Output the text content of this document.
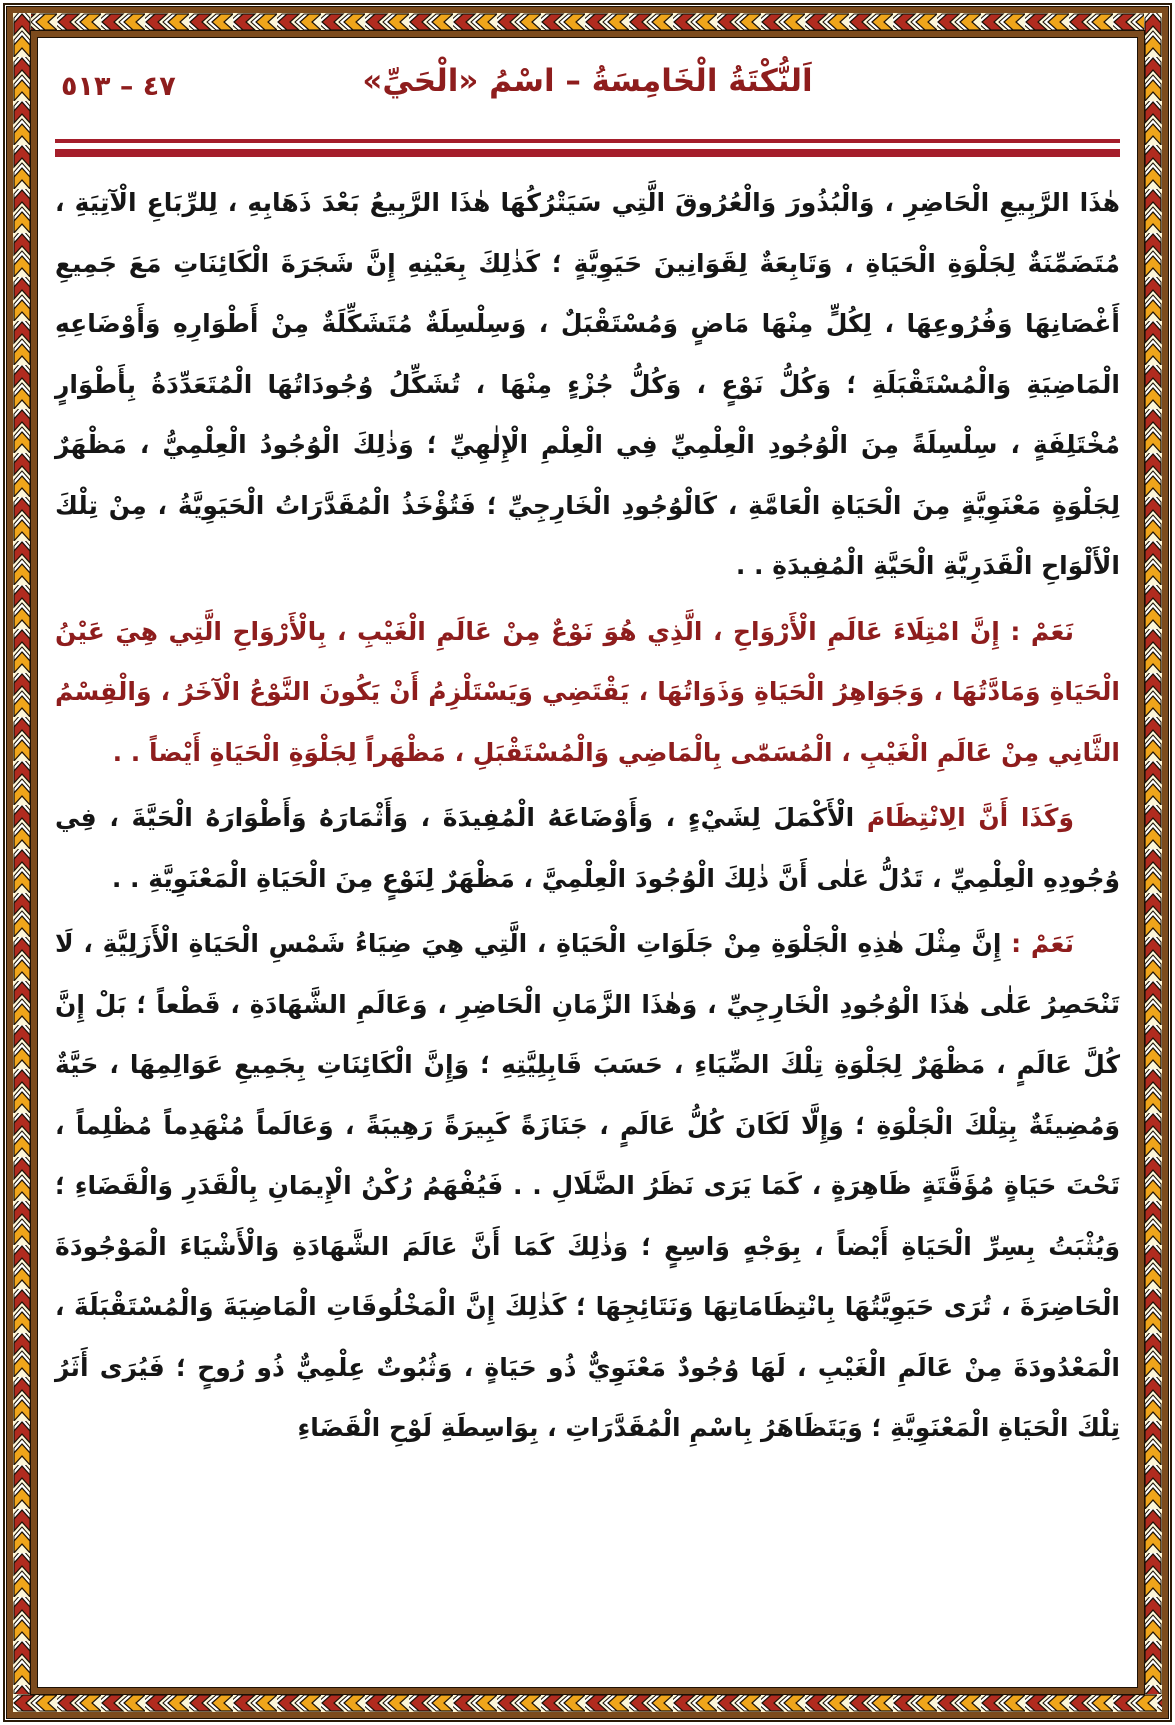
٤٧ – ٥١٣	اَلنُّكْتَةُ الْخَامِسَةُ – اسْمُ «الْحَيِّ»

هٰذَا الرَّبِيعِ الْحَاضِرِ ، وَالْبُذُورَ وَالْعُرُوقَ الَّتِي سَيَتْرُكُهَا هٰذَا الرَّبِيعُ بَعْدَ ذَهَابِهِ ، لِلرِّبَاعِ الْآتِيَةِ ، مُتَضَمِّنَةٌ لِجَلْوَةِ الْحَيَاةِ ، وَتَابِعَةٌ لِقَوَانِينَ حَيَوِيَّةٍ ؛ كَذٰلِكَ بِعَيْنِهِ إِنَّ شَجَرَةَ الْكَائِنَاتِ مَعَ جَمِيعِ أَغْصَانِهَا وَفُرُوعِهَا ، لِكُلٍّ مِنْهَا مَاضٍ وَمُسْتَقْبَلٌ ، وَسِلْسِلَةٌ مُتَشَكِّلَةٌ مِنْ أَطْوَارِهِ وَأَوْضَاعِهِ الْمَاضِيَةِ وَالْمُسْتَقْبَلَةِ ؛ وَكُلُّ نَوْعٍ ، وَكُلُّ جُزْءٍ مِنْهَا ، تُشَكِّلُ وُجُودَاتُهَا الْمُتَعَدِّدَةُ بِأَطْوَارٍ مُخْتَلِفَةٍ ، سِلْسِلَةً مِنَ الْوُجُودِ الْعِلْمِيِّ فِي الْعِلْمِ الْإِلٰهِيِّ ؛ وَذٰلِكَ الْوُجُودُ الْعِلْمِيُّ ، مَظْهَرٌ لِجَلْوَةٍ مَعْنَوِيَّةٍ مِنَ الْحَيَاةِ الْعَامَّةِ ، كَالْوُجُودِ الْخَارِجِيِّ ؛ فَتُؤْخَذُ الْمُقَدَّرَاتُ الْحَيَوِيَّةُ ، مِنْ تِلْكَ الْأَلْوَاحِ الْقَدَرِيَّةِ الْحَيَّةِ الْمُفِيدَةِ . .

نَعَمْ : إِنَّ امْتِلَاءَ عَالَمِ الْأَرْوَاحِ ، الَّذِي هُوَ نَوْعٌ مِنْ عَالَمِ الْغَيْبِ ، بِالْأَرْوَاحِ الَّتِي هِيَ عَيْنُ الْحَيَاةِ وَمَادَّتُهَا ، وَجَوَاهِرُ الْحَيَاةِ وَذَوَاتُهَا ، يَقْتَضِي وَيَسْتَلْزِمُ أَنْ يَكُونَ النَّوْعُ الْآخَرُ ، وَالْقِسْمُ الثَّانِي مِنْ عَالَمِ الْغَيْبِ ، الْمُسَمّٰى بِالْمَاضِي وَالْمُسْتَقْبَلِ ، مَظْهَراً لِجَلْوَةِ الْحَيَاةِ أَيْضاً . .

وَكَذَا أَنَّ الِانْتِظَامَ الْأَكْمَلَ لِشَيْءٍ ، وَأَوْضَاعَهُ الْمُفِيدَةَ ، وَأَثْمَارَهُ وَأَطْوَارَهُ الْحَيَّةَ ، فِي وُجُودِهِ الْعِلْمِيِّ ، تَدُلُّ عَلٰى أَنَّ ذٰلِكَ الْوُجُودَ الْعِلْمِيَّ ، مَظْهَرٌ لِنَوْعٍ مِنَ الْحَيَاةِ الْمَعْنَوِيَّةِ . .

نَعَمْ : إِنَّ مِثْلَ هٰذِهِ الْجَلْوَةِ مِنْ جَلَوَاتِ الْحَيَاةِ ، الَّتِي هِيَ ضِيَاءُ شَمْسِ الْحَيَاةِ الْأَزَلِيَّةِ ، لَا تَنْحَصِرُ عَلٰى هٰذَا الْوُجُودِ الْخَارِجِيِّ ، وَهٰذَا الزَّمَانِ الْحَاضِرِ ، وَعَالَمِ الشَّهَادَةِ ، قَطْعاً ؛ بَلْ إِنَّ كُلَّ عَالَمٍ ، مَظْهَرٌ لِجَلْوَةِ تِلْكَ الضِّيَاءِ ، حَسَبَ قَابِلِيَّتِهِ ؛ وَإِنَّ الْكَائِنَاتِ بِجَمِيعِ عَوَالِمِهَا ، حَيَّةٌ وَمُضِيئَةٌ بِتِلْكَ الْجَلْوَةِ ؛ وَإِلَّا لَكَانَ كُلُّ عَالَمٍ ، جَنَازَةً كَبِيرَةً رَهِيبَةً ، وَعَالَماً مُنْهَدِماً مُظْلِماً ، تَحْتَ حَيَاةٍ مُؤَقَّتَةٍ ظَاهِرَةٍ ، كَمَا يَرَى نَظَرُ الضَّلَالِ . . فَيُفْهَمُ رُكْنُ الْإِيمَانِ بِالْقَدَرِ وَالْقَضَاءِ ؛ وَيُثْبَتُ بِسِرِّ الْحَيَاةِ أَيْضاً ، بِوَجْهٍ وَاسِعٍ ؛ وَذٰلِكَ كَمَا أَنَّ عَالَمَ الشَّهَادَةِ وَالْأَشْيَاءَ الْمَوْجُودَةَ الْحَاضِرَةَ ، تُرَى حَيَوِيَّتُهَا بِانْتِظَامَاتِهَا وَنَتَائِجِهَا ؛ كَذٰلِكَ إِنَّ الْمَخْلُوقَاتِ الْمَاضِيَةَ وَالْمُسْتَقْبَلَةَ ، الْمَعْدُودَةَ مِنْ عَالَمِ الْغَيْبِ ، لَهَا وُجُودٌ مَعْنَوِيٌّ ذُو حَيَاةٍ ، وَثُبُوتٌ عِلْمِيٌّ ذُو رُوحٍ ؛ فَيُرَى أَثَرُ تِلْكَ الْحَيَاةِ الْمَعْنَوِيَّةِ ؛ وَيَتَظَاهَرُ بِاسْمِ الْمُقَدَّرَاتِ ، بِوَاسِطَةِ لَوْحِ الْقَضَاءِ
